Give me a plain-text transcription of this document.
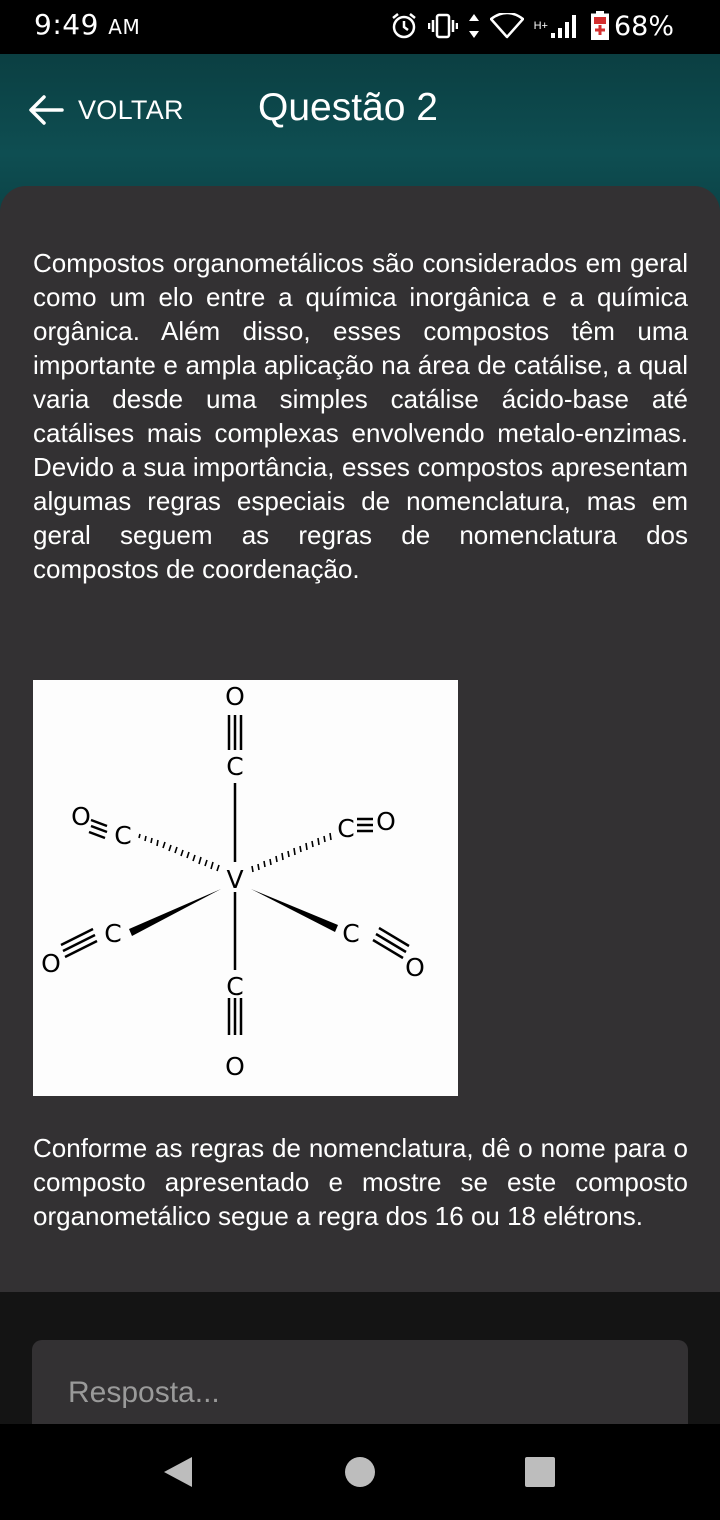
9:49 AM	H+ 68%
VOLTAR Questão 2

Compostos organometálicos são considerados em geral como um elo entre a química inorgânica e a química orgânica. Além disso, esses compostos têm uma importante e ampla aplicação na área de catálise, a qual varia desde uma simples catálise ácido-base até catálises mais complexas envolvendo metalo-enzimas. Devido a sua importância, esses compostos apresentam algumas regras especiais de nomenclatura, mas em geral seguem as regras de nomenclatura dos compostos de coordenação.

O
C
V
C
O
O
C	C O
C
O
C
O

Conforme as regras de nomenclatura, dê o nome para o composto apresentado e mostre se este composto organometálico segue a regra dos 16 ou 18 elétrons.

Resposta...
